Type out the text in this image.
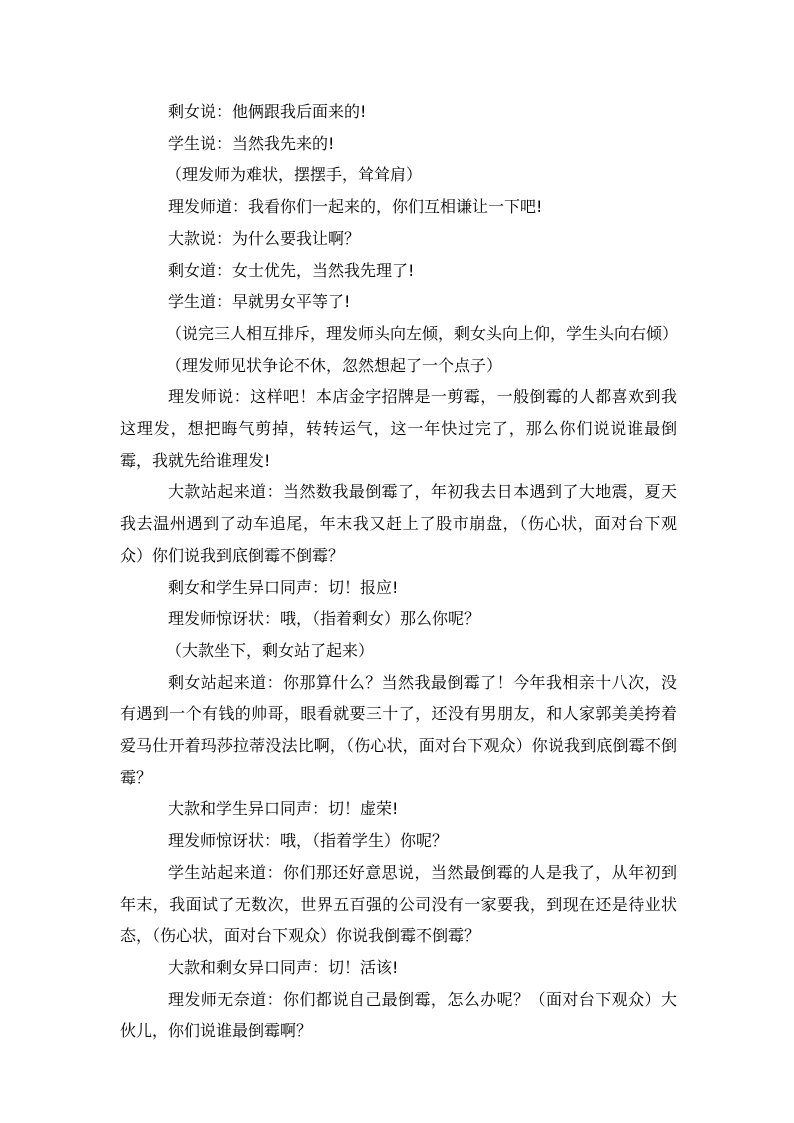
剩女说：他俩跟我后面来的!

学生说：当然我先来的!

（理发师为难状，摆摆手，耸耸肩）

理发师道：我看你们一起来的，你们互相谦让一下吧!

大款说：为什么要我让啊？

剩女道：女士优先，当然我先理了!

学生道：早就男女平等了!

（说完三人相互排斥，理发师头向左倾，剩女头向上仰，学生头向右倾）

（理发师见状争论不休，忽然想起了一个点子）

理发师说：这样吧！本店金字招牌是一剪霉，一般倒霉的人都喜欢到我这理发，想把晦气剪掉，转转运气，这一年快过完了，那么你们说说谁最倒霉，我就先给谁理发!

大款站起来道：当然数我最倒霉了，年初我去日本遇到了大地震，夏天我去温州遇到了动车追尾，年末我又赶上了股市崩盘，（伤心状，面对台下观众）你们说我到底倒霉不倒霉？

剩女和学生异口同声：切！报应!

理发师惊讶状：哦，（指着剩女）那么你呢？

（大款坐下，剩女站了起来）

剩女站起来道：你那算什么？当然我最倒霉了！今年我相亲十八次，没有遇到一个有钱的帅哥，眼看就要三十了，还没有男朋友，和人家郭美美挎着爱马仕开着玛莎拉蒂没法比啊，（伤心状，面对台下观众）你说我到底倒霉不倒霉？

大款和学生异口同声：切！虚荣!

理发师惊讶状：哦，（指着学生）你呢？

学生站起来道：你们那还好意思说，当然最倒霉的人是我了，从年初到年末，我面试了无数次，世界五百强的公司没有一家要我，到现在还是待业状态，（伤心状，面对台下观众）你说我倒霉不倒霉？

大款和剩女异口同声：切！活该!

理发师无奈道：你们都说自己最倒霉，怎么办呢？（面对台下观众）大伙儿，你们说谁最倒霉啊？
